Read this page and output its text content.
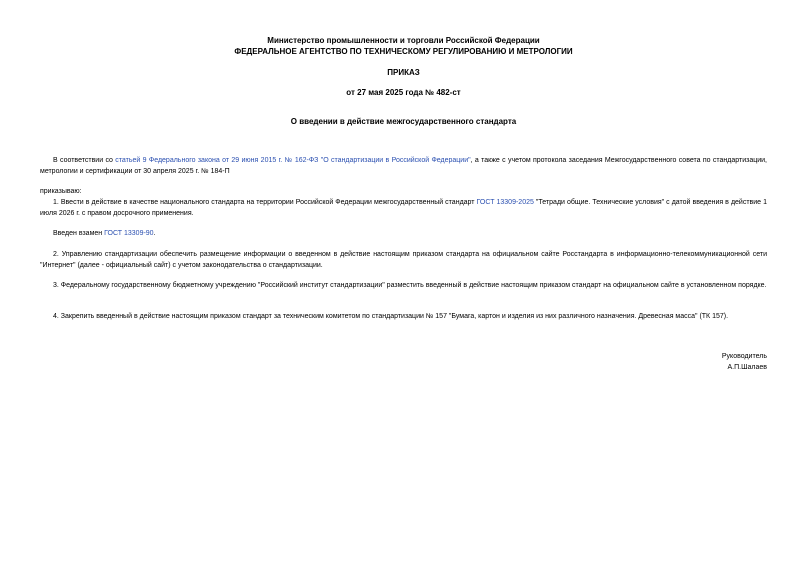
Министерство промышленности и торговли Российской Федерации
ФЕДЕРАЛЬНОЕ АГЕНТСТВО ПО ТЕХНИЧЕСКОМУ РЕГУЛИРОВАНИЮ И МЕТРОЛОГИИ
ПРИКАЗ
от 27 мая 2025 года № 482-ст
О введении в действие межгосударственного стандарта
В соответствии со статьей 9 Федерального закона от 29 июня 2015 г. № 162-ФЗ "О стандартизации в Российской Федерации", а также с учетом протокола заседания Межгосударственного совета по стандартизации, метрологии и сертификации от 30 апреля 2025 г. № 184-П
приказываю:
1. Ввести в действие в качестве национального стандарта на территории Российской Федерации межгосударственный стандарт ГОСТ 13309-2025 "Тетради общие. Технические условия" с датой введения в действие 1 июля 2026 г. с правом досрочного применения.
Введен взамен ГОСТ 13309-90.
2. Управлению стандартизации обеспечить размещение информации о введенном в действие настоящим приказом стандарта на официальном сайте Росстандарта в информационно-телекоммуникационной сети "Интернет" (далее - официальный сайт) с учетом законодательства о стандартизации.
3. Федеральному государственному бюджетному учреждению "Российский институт стандартизации" разместить введенный в действие настоящим приказом стандарт на официальном сайте в установленном порядке.
4. Закрепить введенный в действие настоящим приказом стандарт за техническим комитетом по стандартизации № 157 "Бумага, картон и изделия из них различного назначения. Древесная масса" (ТК 157).
Руководитель
А.П.Шалаев
